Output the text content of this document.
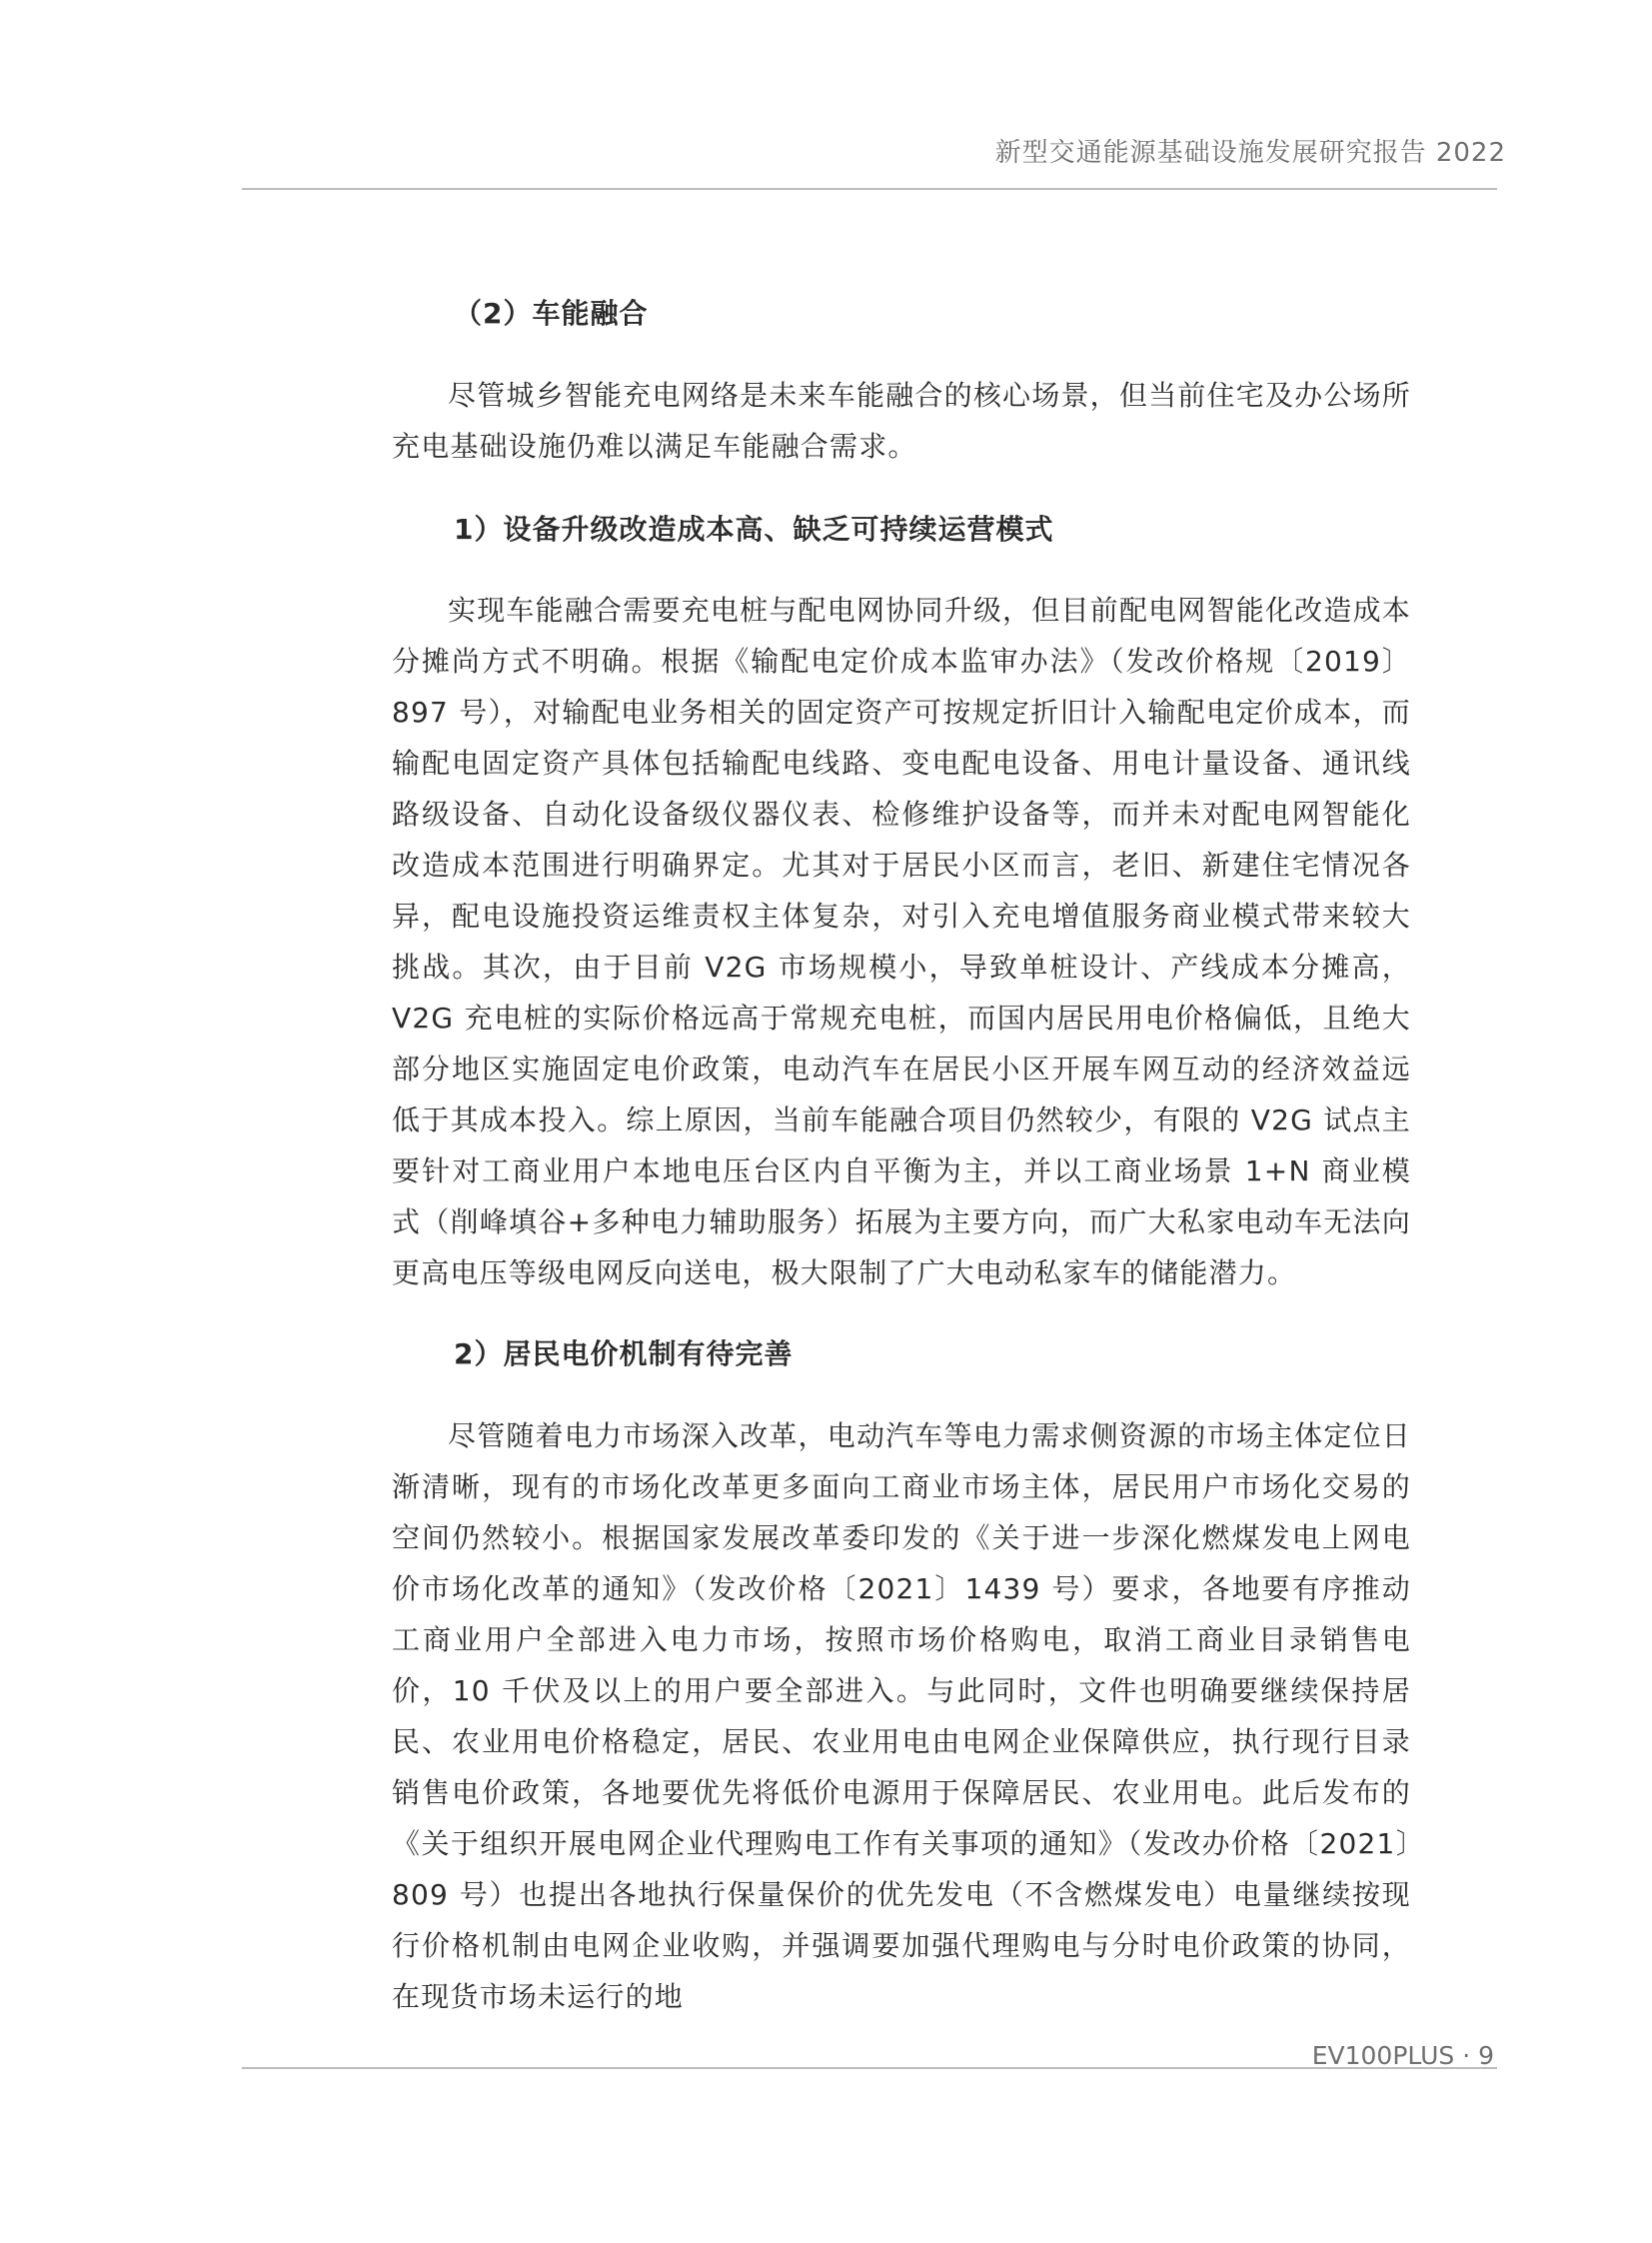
新型交通能源基础设施发展研究报告 2022
（2）车能融合

尽管城乡智能充电网络是未来车能融合的核心场景，但当前住宅及办公场所充电基础设施仍难以满足车能融合需求。

1）设备升级改造成本高、缺乏可持续运营模式

实现车能融合需要充电桩与配电网协同升级，但目前配电网智能化改造成本分摊尚方式不明确。根据《输配电定价成本监审办法》（发改价格规〔2019〕897 号），对输配电业务相关的固定资产可按规定折旧计入输配电定价成本，而输配电固定资产具体包括输配电线路、变电配电设备、用电计量设备、通讯线路级设备、自动化设备级仪器仪表、检修维护设备等，而并未对配电网智能化改造成本范围进行明确界定。尤其对于居民小区而言，老旧、新建住宅情况各异，配电设施投资运维责权主体复杂，对引入充电增值服务商业模式带来较大挑战。其次，由于目前 V2G 市场规模小，导致单桩设计、产线成本分摊高，V2G 充电桩的实际价格远高于常规充电桩，而国内居民用电价格偏低，且绝大部分地区实施固定电价政策，电动汽车在居民小区开展车网互动的经济效益远低于其成本投入。综上原因，当前车能融合项目仍然较少，有限的 V2G 试点主要针对工商业用户本地电压台区内自平衡为主，并以工商业场景 1+N 商业模式（削峰填谷+多种电力辅助服务）拓展为主要方向，而广大私家电动车无法向更高电压等级电网反向送电，极大限制了广大电动私家车的储能潜力。

2）居民电价机制有待完善

尽管随着电力市场深入改革，电动汽车等电力需求侧资源的市场主体定位日渐清晰，现有的市场化改革更多面向工商业市场主体，居民用户市场化交易的空间仍然较小。根据国家发展改革委印发的《关于进一步深化燃煤发电上网电价市场化改革的通知》（发改价格〔2021〕1439 号）要求，各地要有序推动工商业用户全部进入电力市场，按照市场价格购电，取消工商业目录销售电价，10 千伏及以上的用户要全部进入。与此同时，文件也明确要继续保持居民、农业用电价格稳定，居民、农业用电由电网企业保障供应，执行现行目录销售电价政策，各地要优先将低价电源用于保障居民、农业用电。此后发布的《关于组织开展电网企业代理购电工作有关事项的通知》（发改办价格〔2021〕809 号）也提出各地执行保量保价的优先发电（不含燃煤发电）电量继续按现行价格机制由电网企业收购，并强调要加强代理购电与分时电价政策的协同，在现货市场未运行的地

EV100PLUS · 9
